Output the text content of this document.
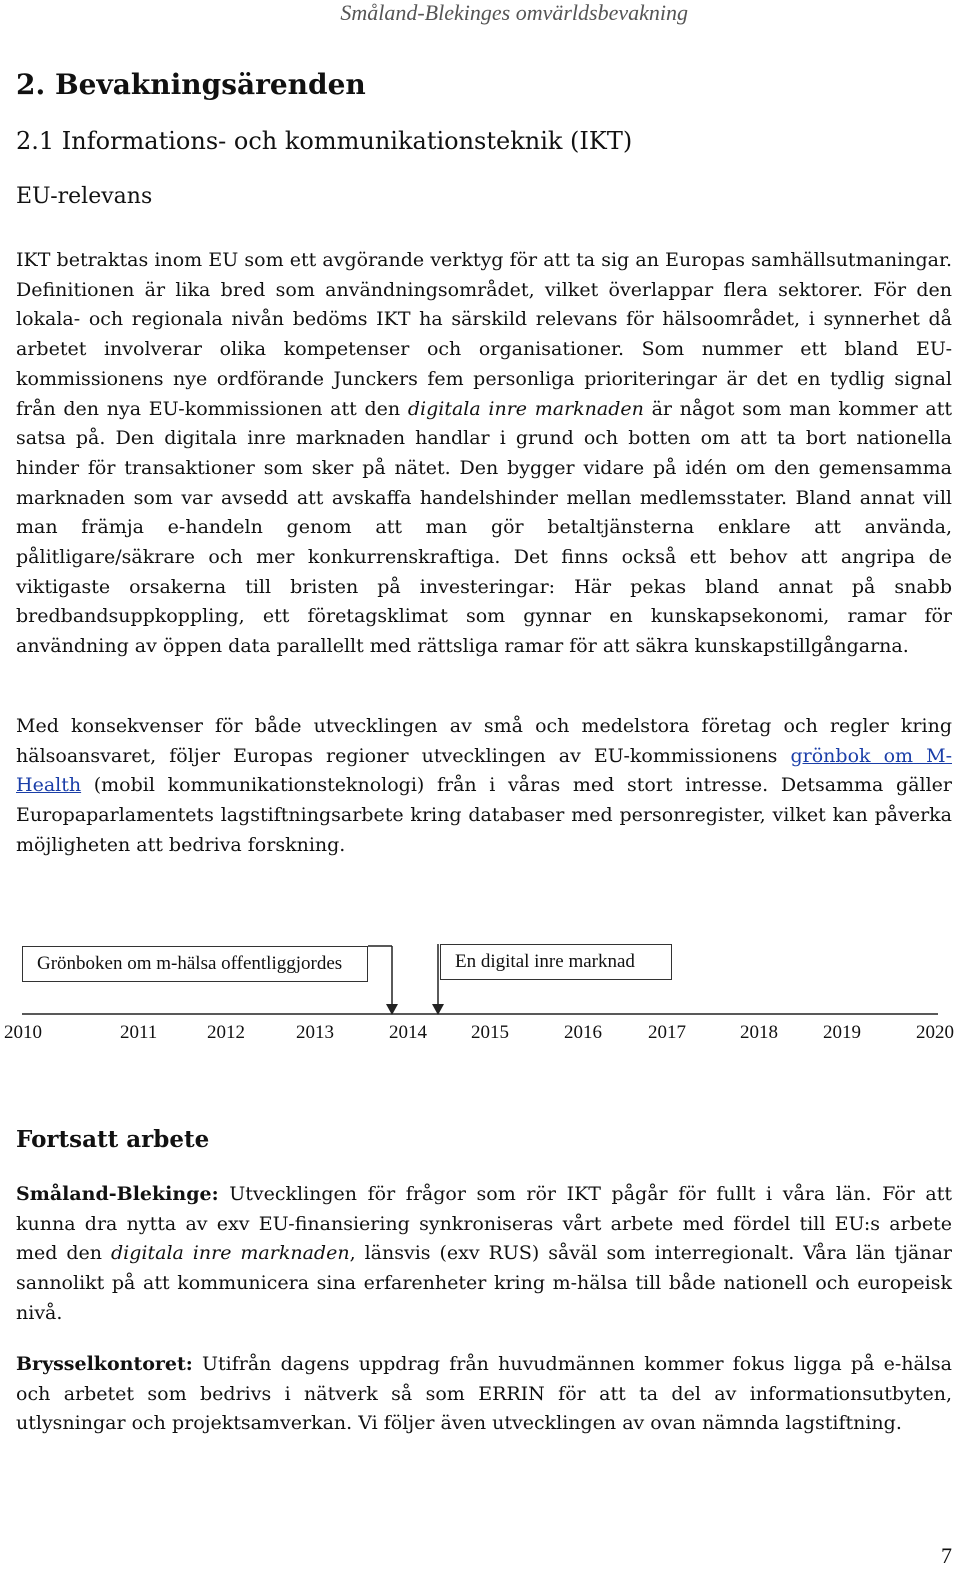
Småland-Blekinges omvärldsbevakning
2. Bevakningsärenden
2.1 Informations- och kommunikationsteknik (IKT)
EU-relevans

IKT betraktas inom EU som ett avgörande verktyg för att ta sig an Europas samhällsutmaningar. Definitionen är lika bred som användningsområdet, vilket överlappar flera sektorer. För den lokala- och regionala nivån bedöms IKT ha särskild relevans för hälsoområdet, i synnerhet då arbetet involverar olika kompetenser och organisationer. Som nummer ett bland EU-kommissionens nye ordförande Junckers fem personliga prioriteringar är det en tydlig signal från den nya EU-kommissionen att den digitala inre marknaden är något som man kommer att satsa på. Den digitala inre marknaden handlar i grund och botten om att ta bort nationella hinder för transaktioner som sker på nätet. Den bygger vidare på idén om den gemensamma marknaden som var avsedd att avskaffa handelshinder mellan medlemsstater. Bland annat vill man främja e-handeln genom att man gör betaltjänsterna enklare att använda, pålitligare/säkrare och mer konkurrenskraftiga. Det finns också ett behov att angripa de viktigaste orsakerna till bristen på investeringar: Här pekas bland annat på snabb bredbandsuppkoppling, ett företagsklimat som gynnar en kunskapsekonomi, ramar för användning av öppen data parallellt med rättsliga ramar för att säkra kunskapstillgångarna.

Med konsekvenser för både utvecklingen av små och medelstora företag och regler kring hälsoansvaret, följer Europas regioner utvecklingen av EU-kommissionens grönbok om M-Health (mobil kommunikationsteknologi) från i våras med stort intresse. Detsamma gäller Europaparlamentets lagstiftningsarbete kring databaser med personregister, vilket kan påverka möjligheten att bedriva forskning.

Grönboken om m-hälsa offentliggjordes	En digital inre marknad
2010	2011	2012	2013	2014 2015	2016 2017	2018 2019	2020
Fortsatt arbete

Småland-Blekinge: Utvecklingen för frågor som rör IKT pågår för fullt i våra län. För att kunna dra nytta av exv EU-finansiering synkroniseras vårt arbete med fördel till EU:s arbete med den digitala inre marknaden, länsvis (exv RUS) såväl som interregionalt. Våra län tjänar sannolikt på att kommunicera sina erfarenheter kring m-hälsa till både nationell och europeisk nivå.

Brysselkontoret: Utifrån dagens uppdrag från huvudmännen kommer fokus ligga på e-hälsa och arbetet som bedrivs i nätverk så som ERRIN för att ta del av informationsutbyten, utlysningar och projektsamverkan. Vi följer även utvecklingen av ovan nämnda lagstiftning.

7
